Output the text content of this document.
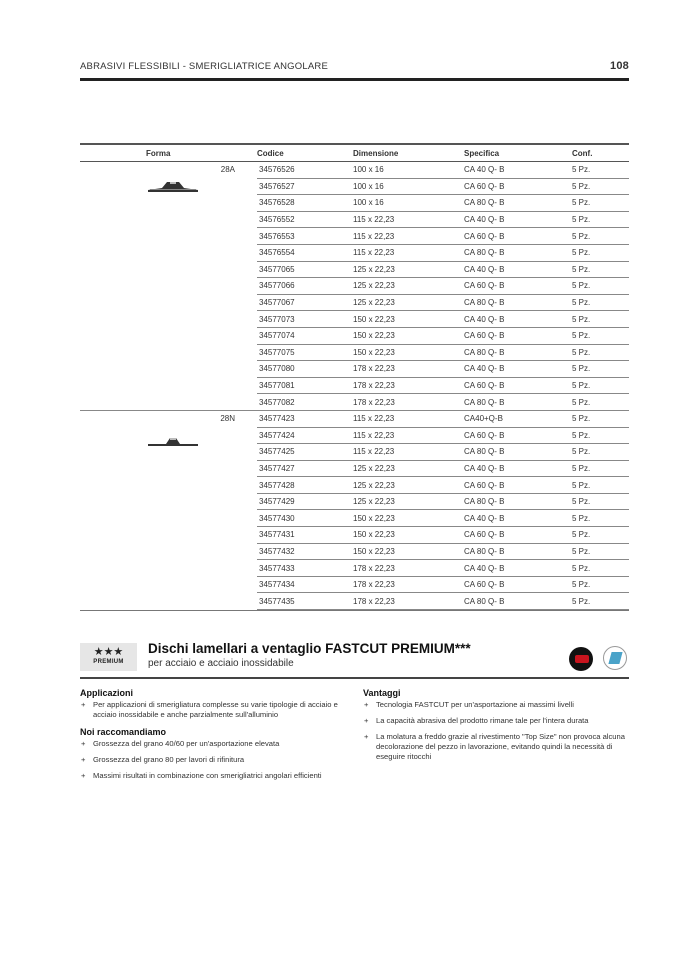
ABRASIVI FLESSIBILI - SMERIGLIATRICE ANGOLARE	108
Forma	Codice	Dimensione	Specifica	Conf.

28A	34576526	100 x 16	CA 40 Q- B	5 Pz.
	34576527	100 x 16	CA 60 Q- B	5 Pz.
	34576528	100 x 16	CA 80 Q- B	5 Pz.
	34576552	115 x 22,23	CA 40 Q- B	5 Pz.
	34576553	115 x 22,23	CA 60 Q- B	5 Pz.
	34576554	115 x 22,23	CA 80 Q- B	5 Pz.
	34577065	125 x 22,23	CA 40 Q- B	5 Pz.
	34577066	125 x 22,23	CA 60 Q- B	5 Pz.
	34577067	125 x 22,23	CA 80 Q- B	5 Pz.
	34577073	150 x 22,23	CA 40 Q- B	5 Pz.
	34577074	150 x 22,23	CA 60 Q- B	5 Pz.
	34577075	150 x 22,23	CA 80 Q- B	5 Pz.
	34577080	178 x 22,23	CA 40 Q- B	5 Pz.
	34577081	178 x 22,23	CA 60 Q- B	5 Pz.
	34577082	178 x 22,23	CA 80 Q- B	5 Pz.

28N	34577423	115 x 22,23	CA40+Q-B	5 Pz.
	34577424	115 x 22,23	CA 60 Q- B	5 Pz.
	34577425	115 x 22,23	CA 80 Q- B	5 Pz.
	34577427	125 x 22,23	CA 40 Q- B	5 Pz.
	34577428	125 x 22,23	CA 60 Q- B	5 Pz.
	34577429	125 x 22,23	CA 80 Q- B	5 Pz.
	34577430	150 x 22,23	CA 40 Q- B	5 Pz.
	34577431	150 x 22,23	CA 60 Q- B	5 Pz.
	34577432	150 x 22,23	CA 80 Q- B	5 Pz.
	34577433	178 x 22,23	CA 40 Q- B	5 Pz.
	34577434	178 x 22,23	CA 60 Q- B	5 Pz.
	34577435	178 x 22,23	CA 80 Q- B	5 Pz.
★★★
PREMIUM
Dischi lamellari a ventaglio FASTCUT PREMIUM***
per acciaio e acciaio inossidabile
Applicazioni
+ Per applicazioni di smerigliatura complesse su varie tipologie di acciaio e acciaio inossidabile e anche parzialmente sull'alluminio
Noi raccomandiamo
+ Grossezza del grano 40/60 per un'asportazione elevata
+ Grossezza del grano 80 per lavori di rifinitura
+ Massimi risultati in combinazione con smerigliatrici angolari efficienti
Vantaggi
+ Tecnologia FASTCUT per un'asportazione ai massimi livelli
+ La capacità abrasiva del prodotto rimane tale per l'intera durata
+ La molatura a freddo grazie al rivestimento "Top Size" non provoca alcuna decolorazione del pezzo in lavorazione, evitando quindi la necessità di eseguire ritocchi
